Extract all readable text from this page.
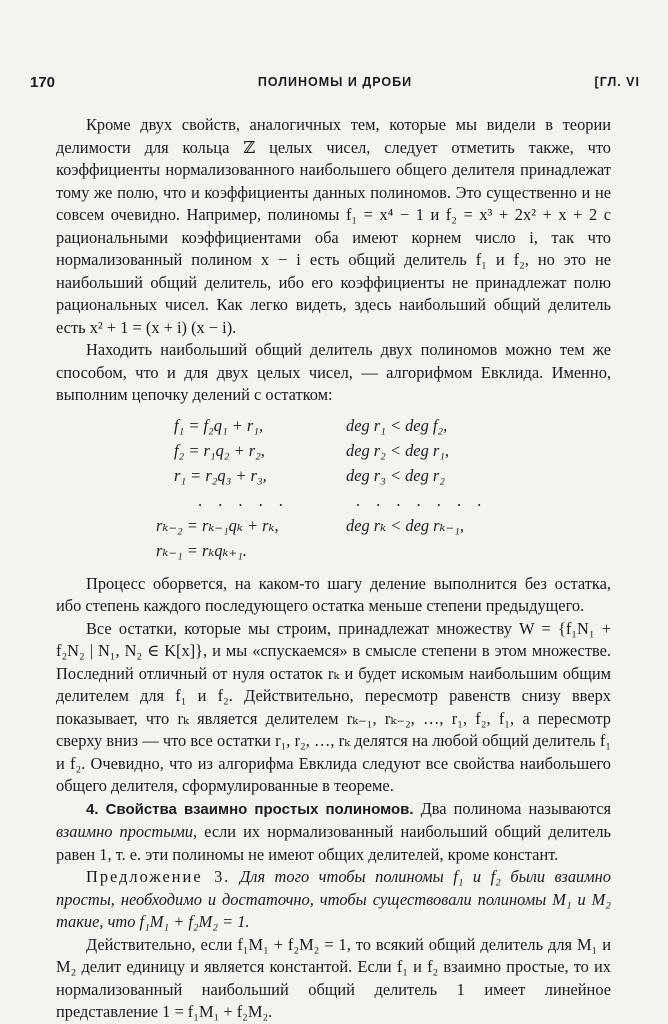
170	ПОЛИНОМЫ И ДРОБИ	[ГЛ. VI

Кроме двух свойств, аналогичных тем, которые мы видели в теории делимости для кольца ℤ целых чисел, следует отметить также, что коэффициенты нормализованного наибольшего общего делителя принадлежат тому же полю, что и коэффициенты данных полиномов. Это существенно и не совсем очевидно. Например, полиномы f₁ = x⁴ − 1 и f₂ = x³ + 2x² + x + 2 с рациональными коэффициентами оба имеют корнем число i, так что нормализованный полином x − i есть общий делитель f₁ и f₂, но это не наибольший общий делитель, ибо его коэффициенты не принадлежат полю рациональных чисел. Как легко видеть, здесь наибольший общий делитель есть x² + 1 = (x + i) (x − i).

Находить наибольший общий делитель двух полиномов можно тем же способом, что и для двух целых чисел, — алгорифмом Евклида. Именно, выполним цепочку делений с остатком:

f₁ = f₂q₁ + r₁,	deg r₁ < deg f₂,
f₂ = r₁q₂ + r₂,	deg r₂ < deg r₁,
r₁ = r₂q₃ + r₃,	deg r₃ < deg r₂
. . . . .	. . . . . . .
rₖ₋₂ = rₖ₋₁qₖ + rₖ,	deg rₖ < deg rₖ₋₁,
rₖ₋₁ = rₖqₖ₊₁.

Процесс оборвется, на каком-то шагу деление выполнится без остатка, ибо степень каждого последующего остатка меньше степени предыдущего.

Все остатки, которые мы строим, принадлежат множеству W = {f₁N₁ + f₂N₂ | N₁, N₂ ∈ K[x]}, и мы «спускаемся» в смысле степени в этом множестве. Последний отличный от нуля остаток rₖ и будет искомым наибольшим общим делителем для f₁ и f₂. Действительно, пересмотр равенств снизу вверх показывает, что rₖ является делителем rₖ₋₁, rₖ₋₂, …, r₁, f₂, f₁, а пересмотр сверху вниз — что все остатки r₁, r₂, …, rₖ делятся на любой общий делитель f₁ и f₂. Очевидно, что из алгорифма Евклида следуют все свойства наибольшего общего делителя, сформулированные в теореме.

4. Свойства взаимно простых полиномов. Два полинома называются взаимно простыми, если их нормализованный наибольший общий делитель равен 1, т. е. эти полиномы не имеют общих делителей, кроме констант.

Предложение 3. Для того чтобы полиномы f₁ и f₂ были взаимно просты, необходимо и достаточно, чтобы существовали полиномы M₁ и M₂ такие, что f₁M₁ + f₂M₂ = 1.

Действительно, если f₁M₁ + f₂M₂ = 1, то всякий общий делитель для M₁ и M₂ делит единицу и является константой. Если f₁ и f₂ взаимно простые, то их нормализованный наибольший общий делитель 1 имеет линейное представление 1 = f₁M₁ + f₂M₂.
